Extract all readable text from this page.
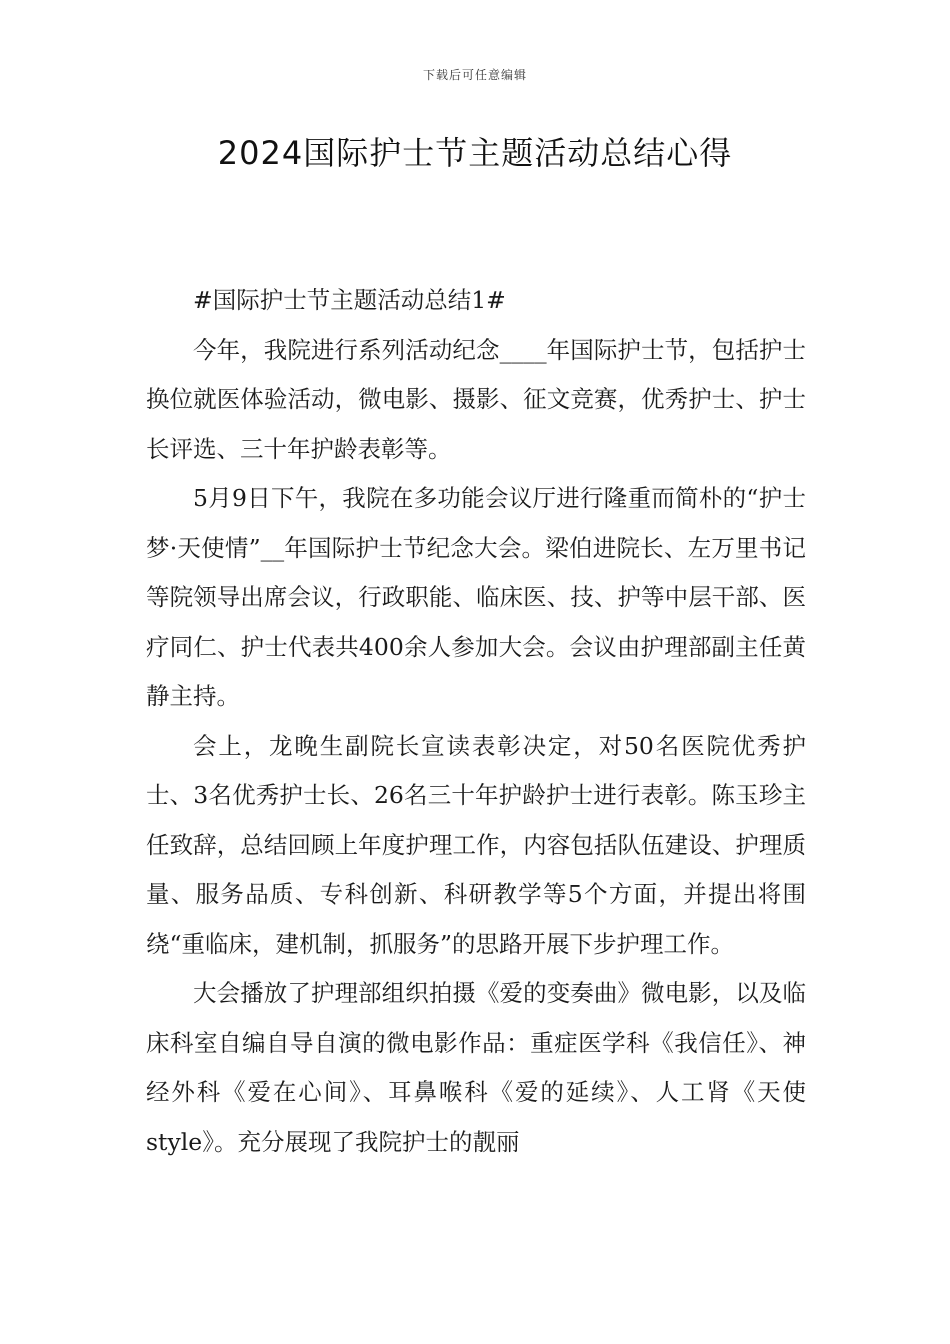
下载后可任意编辑
2024国际护士节主题活动总结心得

#国际护士节主题活动总结1#

今年，我院进行系列活动纪念____年国际护士节，包括护士换位就医体验活动，微电影、摄影、征文竞赛，优秀护士、护士长评选、三十年护龄表彰等。

5月9日下午，我院在多功能会议厅进行隆重而简朴的“护士梦·天使情”__年国际护士节纪念大会。梁伯进院长、左万里书记等院领导出席会议，行政职能、临床医、技、护等中层干部、医疗同仁、护士代表共400余人参加大会。会议由护理部副主任黄静主持。

会上，龙晚生副院长宣读表彰决定，对50名医院优秀护士、3名优秀护士长、26名三十年护龄护士进行表彰。陈玉珍主任致辞，总结回顾上年度护理工作，内容包括队伍建设、护理质量、服务品质、专科创新、科研教学等5个方面，并提出将围绕“重临床，建机制，抓服务”的思路开展下步护理工作。

大会播放了护理部组织拍摄《爱的变奏曲》微电影，以及临床科室自编自导自演的微电影作品：重症医学科《我信任》、神经外科《爱在心间》、耳鼻喉科《爱的延续》、人工肾《天使style》。充分展现了我院护士的靓丽
